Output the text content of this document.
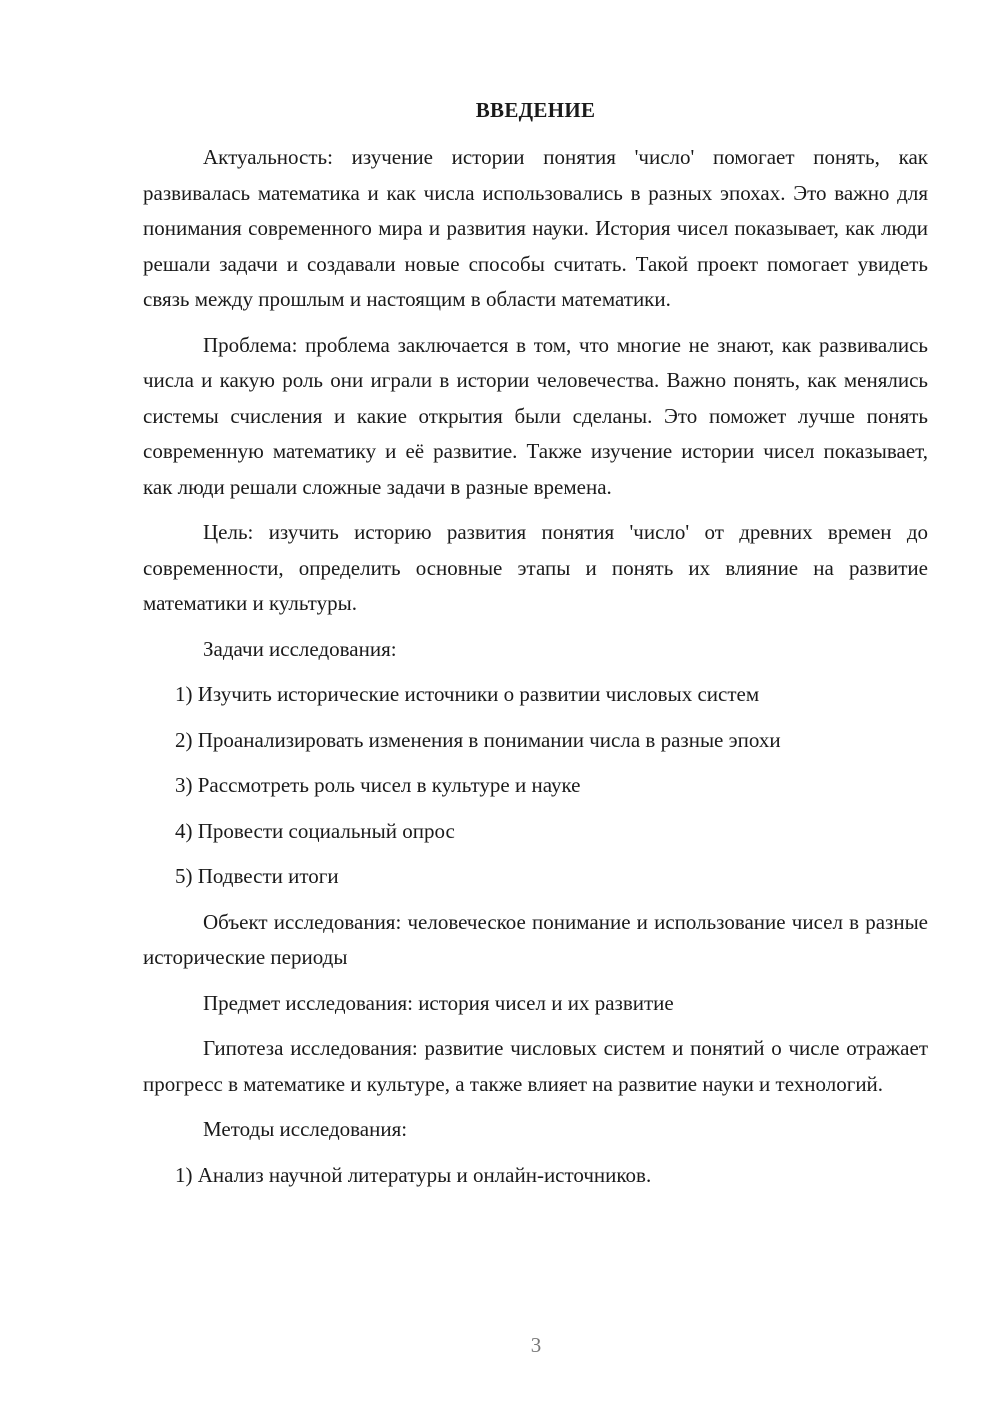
ВВЕДЕНИЕ

Актуальность: изучение истории понятия 'число' помогает понять, как развивалась математика и как числа использовались в разных эпохах. Это важно для понимания современного мира и развития науки. История чисел показывает, как люди решали задачи и создавали новые способы считать. Такой проект помогает увидеть связь между прошлым и настоящим в области математики.

Проблема: проблема заключается в том, что многие не знают, как развивались числа и какую роль они играли в истории человечества. Важно понять, как менялись системы счисления и какие открытия были сделаны. Это поможет лучше понять современную математику и её развитие. Также изучение истории чисел показывает, как люди решали сложные задачи в разные времена.

Цель: изучить историю развития понятия 'число' от древних времен до современности, определить основные этапы и понять их влияние на развитие математики и культуры.

Задачи исследования:
1) Изучить исторические источники о развитии числовых систем
2) Проанализировать изменения в понимании числа в разные эпохи
3) Рассмотреть роль чисел в культуре и науке
4) Провести социальный опрос
5) Подвести итоги

Объект исследования: человеческое понимание и использование чисел в разные исторические периоды

Предмет исследования: история чисел и их развитие

Гипотеза исследования: развитие числовых систем и понятий о числе отражает прогресс в математике и культуре, а также влияет на развитие науки и технологий.

Методы исследования:
1) Анализ научной литературы и онлайн-источников.
3
